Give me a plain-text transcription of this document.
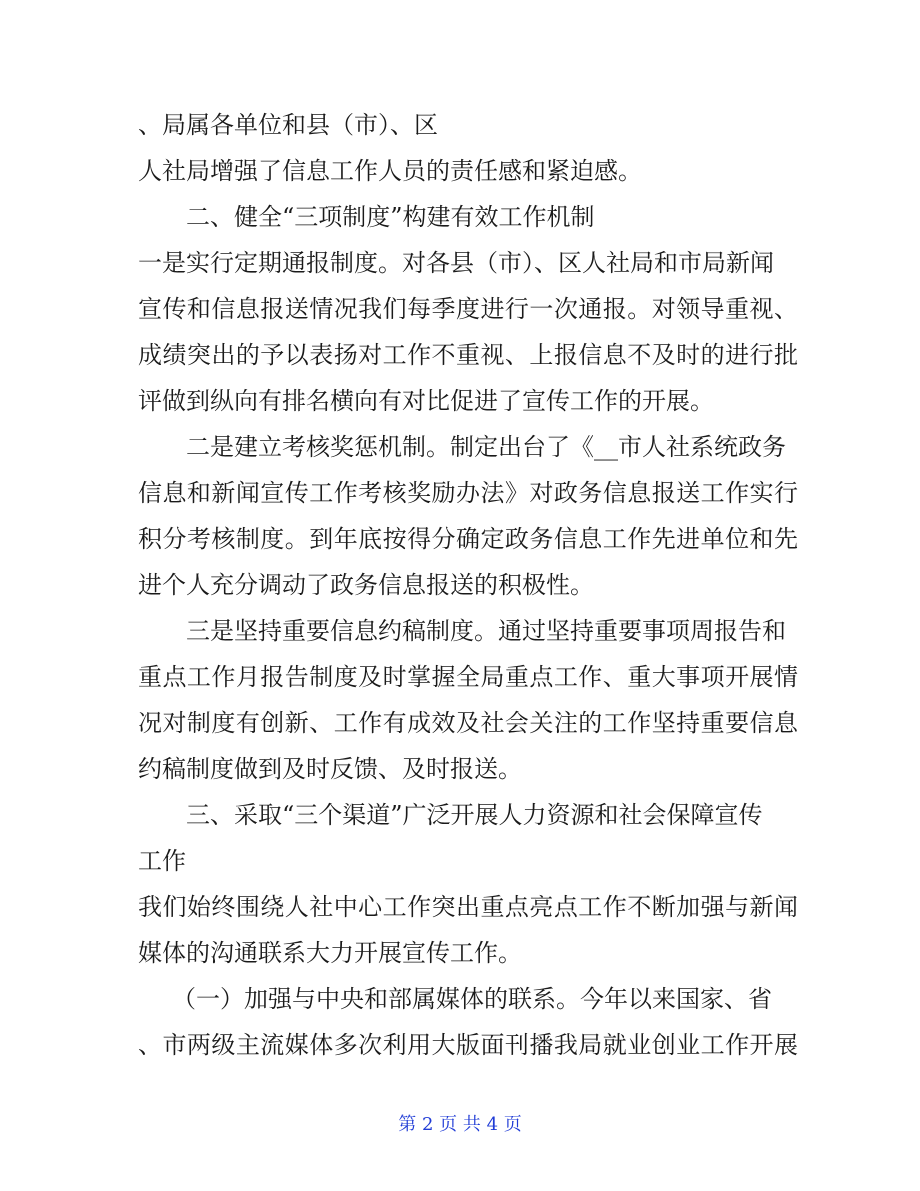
、局属各单位和县（市）、区
人社局增强了信息工作人员的责任感和紧迫感。
二、健全“三项制度”构建有效工作机制
一是实行定期通报制度。对各县（市）、区人社局和市局新闻
宣传和信息报送情况我们每季度进行一次通报。对领导重视、
成绩突出的予以表扬对工作不重视、上报信息不及时的进行批
评做到纵向有排名横向有对比促进了宣传工作的开展。
二是建立考核奖惩机制。制定出台了《__市人社系统政务
信息和新闻宣传工作考核奖励办法》对政务信息报送工作实行
积分考核制度。到年底按得分确定政务信息工作先进单位和先
进个人充分调动了政务信息报送的积极性。
三是坚持重要信息约稿制度。通过坚持重要事项周报告和
重点工作月报告制度及时掌握全局重点工作、重大事项开展情
况对制度有创新、工作有成效及社会关注的工作坚持重要信息
约稿制度做到及时反馈、及时报送。
三、采取“三个渠道”广泛开展人力资源和社会保障宣传
工作
我们始终围绕人社中心工作突出重点亮点工作不断加强与新闻
媒体的沟通联系大力开展宣传工作。
（一）加强与中央和部属媒体的联系。今年以来国家、省
、市两级主流媒体多次利用大版面刊播我局就业创业工作开展
第 2 页 共 4 页
